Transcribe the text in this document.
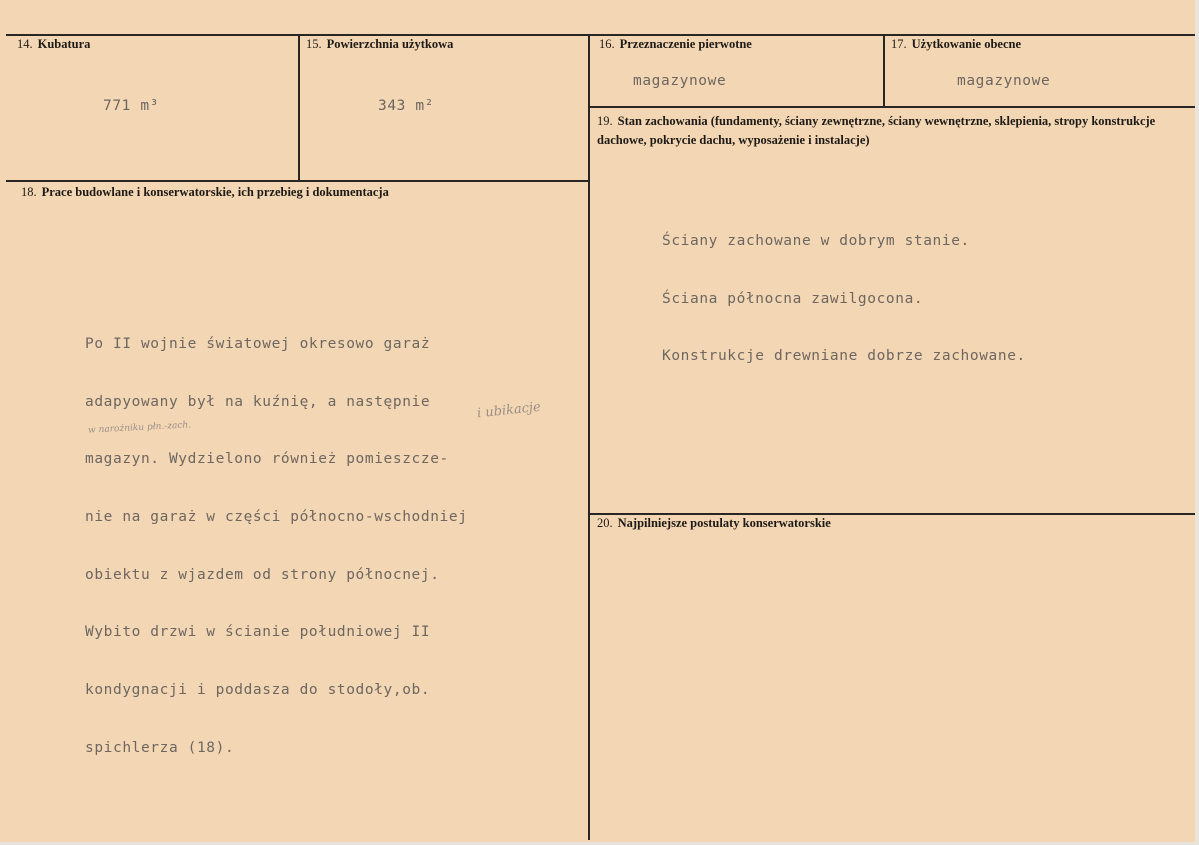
14. Kubatura
771 m³
15. Powierzchnia użytkowa
343 m²
16. Przeznaczenie pierwotne
magazynowe
17. Użytkowanie obecne
magazynowe
19. Stan zachowania (fundamenty, ściany zewnętrzne, ściany wewnętrzne, sklepienia, stropy konstrukcje dachowe, pokrycie dachu, wyposażenie i instalacje)

Ściany zachowane w dobrym stanie.

Ściana północna zawilgocona.

Konstrukcje drewniane dobrze zachowane.

18. Prace budowlane i konserwatorskie, ich przebieg i dokumentacja

Po II wojnie światowej okresowo garaż

adapyowany był na kuźnię, a następnie

magazyn. Wydzielono również pomieszcze-

nie na garaż w części północno-wschodniej

obiektu z wjazdem od strony północnej.

Wybito drzwi w ścianie południowej II

kondygnacji i poddasza do stodoły,ob.

spichlerza (18).

i ubikacje
w narożniku płn.-zach.
20. Najpilniejsze postulaty konserwatorskie
